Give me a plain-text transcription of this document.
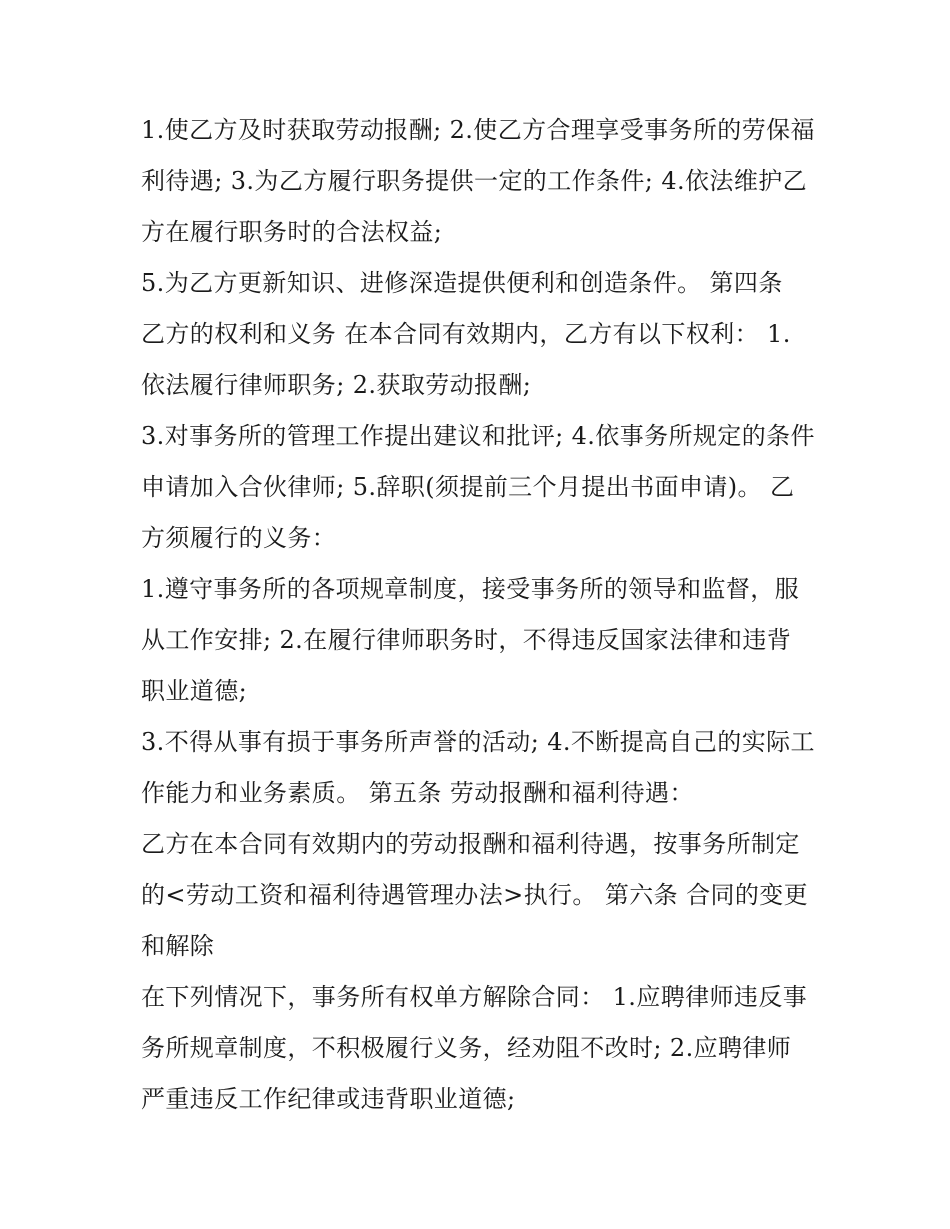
1.使乙方及时获取劳动报酬; 2.使乙方合理享受事务所的劳保福
利待遇; 3.为乙方履行职务提供一定的工作条件; 4.依法维护乙
方在履行职务时的合法权益;
5.为乙方更新知识、进修深造提供便利和创造条件。 第四条
乙方的权利和义务 在本合同有效期内，乙方有以下权利： 1.
依法履行律师职务; 2.获取劳动报酬;
3.对事务所的管理工作提出建议和批评; 4.依事务所规定的条件
申请加入合伙律师; 5.辞职(须提前三个月提出书面申请)。 乙
方须履行的义务：
1.遵守事务所的各项规章制度，接受事务所的领导和监督，服
从工作安排; 2.在履行律师职务时，不得违反国家法律和违背
职业道德;
3.不得从事有损于事务所声誉的活动; 4.不断提高自己的实际工
作能力和业务素质。 第五条 劳动报酬和福利待遇：
乙方在本合同有效期内的劳动报酬和福利待遇，按事务所制定
的<劳动工资和福利待遇管理办法>执行。 第六条 合同的变更
和解除
在下列情况下，事务所有权单方解除合同： 1.应聘律师违反事
务所规章制度，不积极履行义务，经劝阻不改时; 2.应聘律师
严重违反工作纪律或违背职业道德;
